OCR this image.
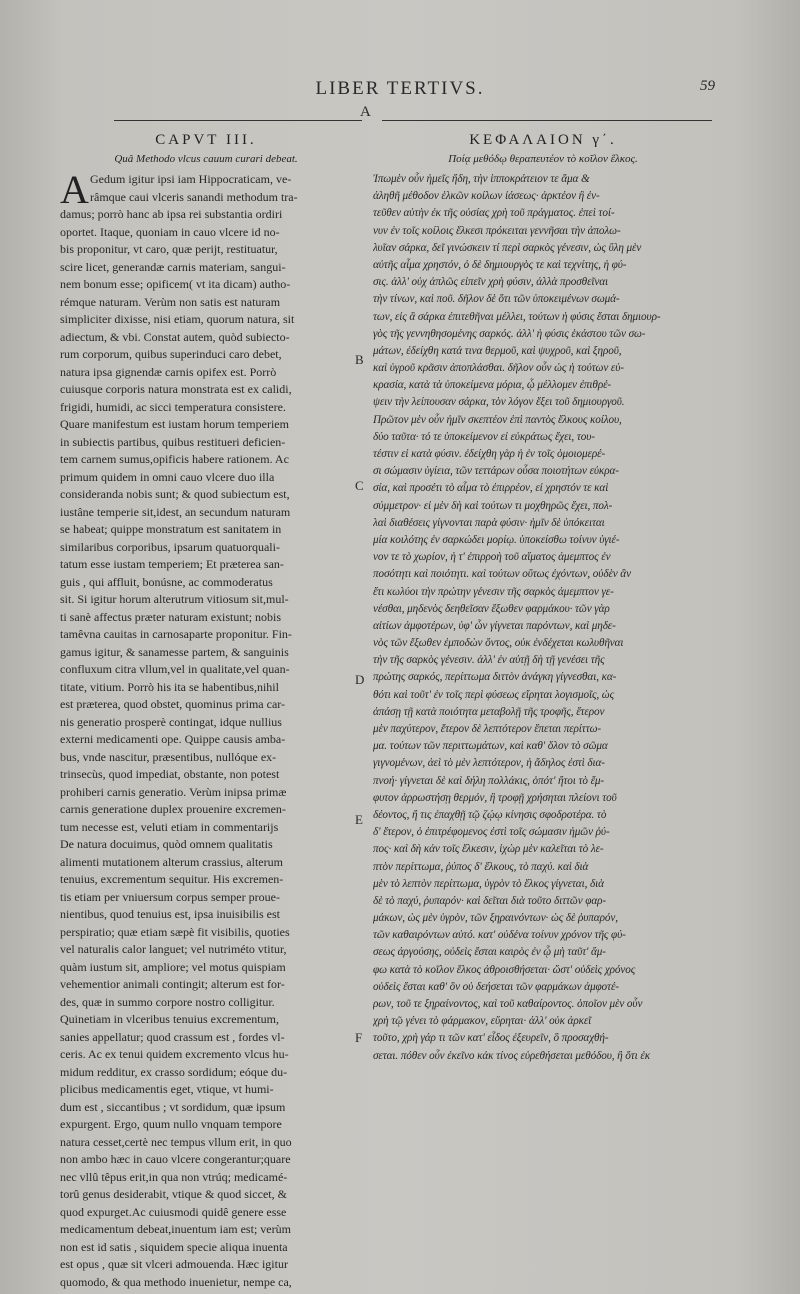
LIBER TERTIVS.	59
A
CAPVT III.
Quâ Methodo vlcus cauum curari debeat.
A Gedum igitur ipsi iam Hippocraticam, ve-
râmque caui vlceris sanandi methodum tra-
damus; porrò hanc ab ipsa rei substantia ordiri
oportet. Itaque, quoniam in cauo vlcere id no-
bis proponitur, vt caro, quæ perijt, restituatur,
scire licet, generandæ carnis materiam, sangui-
nem bonum esse; opificem( vt ita dicam) autho-
rémque naturam. Verùm non satis est naturam
simpliciter dixisse, nisi etiam, quorum natura, sit
adiectum, & vbi. Constat autem, quòd subiecto-
rum corporum, quibus superinduci caro debet,
natura ipsa gignendæ carnis opifex est. Porrò
cuiusque corporis natura monstrata est ex calidi,
frigidi, humidi, ac sicci temperatura consistere.
Quare manifestum est iustam horum temperiem
in subiectis partibus, quibus restitueri deficien-
tem carnem sumus,opificis habere rationem. Ac
primum quidem in omni cauo vlcere duo illa
consideranda nobis sunt; & quod subiectum est,
iustâne temperie sit,idest, an secundum naturam
se habeat; quippe monstratum est sanitatem in
similaribus corporibus, ipsarum quatuorquali-
tatum esse iustam temperiem; Et præterea san-
guis , qui affluit, bonúsne, ac commoderatus
sit. Si igitur horum alterutrum vitiosum sit,mul-
ti sanè affectus præter naturam existunt; nobis
tamêvna cauitas in carnosaparte proponitur. Fin-
gamus igitur, & sanamesse partem, & sanguinis
confluxum citra vllum,vel in qualitate,vel quan-
titate, vitium. Porrò his ita se habentibus,nihil
est præterea, quod obstet, quominus prima car-
nis generatio prosperè contingat, idque nullius
externi medicamenti ope. Quippe causis amba-
bus, vnde nascitur, præsentibus, nullóque ex-
trinsecùs, quod impediat, obstante, non potest
prohiberi carnis generatio. Verùm inipsa primæ
carnis generatione duplex prouenire excremen-
tum necesse est, veluti etiam in commentarijs
De natura docuimus, quòd omnem qualitatis
alimenti mutationem alterum crassius, alterum
tenuius, excrementum sequitur. His excremen-
tis etiam per vniuersum corpus semper proue-
nientibus, quod tenuius est, ipsa inuisibilis est
perspiratio; quæ etiam sæpè fit visibilis, quoties
vel naturalis calor languet; vel nutriméto vtitur,
quàm iustum sit, ampliore; vel motus quispiam
vehementior animali contingit; alterum est for-
des, quæ in summo corpore nostro colligitur.
Quinetiam in vlceribus tenuius excrementum,
sanies appellatur; quod crassum est , fordes vl-
ceris. Ac ex tenui quidem excremento vlcus hu-
midum redditur, ex crasso sordidum; eóque du-
plicibus medicamentis eget, vtique, vt humi-
dum est , siccantibus ; vt sordidum, quæ ipsum
expurgent. Ergo, quum nullo vnquam tempore
natura cesset,certè nec tempus vllum erit, in quo
non ambo hæc in cauo vlcere congerantur;quare
nec vllû têpus erit,in qua non vtrúq; medicamé-
torû genus desiderabit, vtique & quod siccet, &
quod expurget.Ac cuiusmodi quidê genere esse
medicamentum debeat,inuentum iam est; verùm
non est id satis , siquidem specie aliqua inuenta
est opus , quæ sit vlceri admouenda. Hæc igitur
quomodo, & qua methodo inuenietur, nempe ca,
B
C
D
E
F
ΚΕΦΑΛΑΙΟΝ γ΄.
Ποίᾳ μεθόδῳ θεραπευτέον τὸ κοῖλον ἕλκος.
Ἰπωμὲν οὖν ἡμεῖς ἤδη, τὴν ἱπποκράτειον τε ἅμα &
ἀληθῆ μέθοδον ἑλκῶν κοίλων ἰάσεως· ἀρκτέον ἢ ἐν-
τεῦθεν αὐτὴν ἐκ τῆς οὐσίας χρὴ τοῦ πράγματος. ἐπεὶ τοί-
νυν ἐν τοῖς κοίλοις ἕλκεσι πρόκειται γεννῆσαι τὴν ἀπολω-
λυῖαν σάρκα, δεῖ γινώσκειν τί περὶ σαρκὸς γένεσιν, ὡς ὕλη μὲν
αὐτῆς αἷμα χρηστόν, ὁ δὲ δημιουργὸς τε καὶ τεχνίτης, ἡ φύ-
σις. ἀλλ' οὐχ ἁπλῶς εἰπεῖν χρὴ φύσιν, ἀλλὰ προσθεῖναι
τὴν τίνων, καὶ ποῦ. δῆλον δὲ ὅτι τῶν ὑποκειμένων σωμά-
των, εἰς ἃ σάρκα ἐπιτεθῆναι μέλλει, τούτων ἡ φύσις ἔσται δημιουρ-
γὸς τῆς γεννηθησομένης σαρκός. ἀλλ' ἡ φύσις ἑκάστου τῶν σω-
μάτων, ἐδείχθη κατά τινα θερμοῦ, καὶ ψυχροῦ, καὶ ξηροῦ,
καὶ ὑγροῦ κρᾶσιν ἀποπλάσθαι. δῆλον οὖν ὡς ἡ τούτων εὐ-
κρασία, κατὰ τὰ ὑποκείμενα μόρια, ᾧ μέλλομεν ἐπιθρέ-
ψειν τὴν λείπουσαν σάρκα, τὸν λόγον ἕξει τοῦ δημιουργοῦ.
Πρῶτον μὲν οὖν ἡμῖν σκεπτέον ἐπὶ παντὸς ἕλκους κοίλου,
δύο ταῦτα· τό τε ὑποκείμενον εἰ εὐκράτως ἔχει, του-
τέστιν εἰ κατὰ φύσιν. ἐδείχθη γὰρ ἡ ἐν τοῖς ὁμοιομερέ-
σι σώμασιν ὑγίεια, τῶν τεττάρων οὖσα ποιοτήτων εὐκρα-
σία, καὶ προσέτι τὸ αἷμα τὸ ἐπιρρέον, εἰ χρηστόν τε καὶ
σύμμετρον· εἰ μὲν δὴ καὶ τούτων τι μοχθηρῶς ἔχει, πολ-
λαὶ διαθέσεις γίγνονται παρὰ φύσιν· ἡμῖν δὲ ὑπόκειται
μία κοιλότης ἐν σαρκώδει μορίῳ. ὑποκείσθω τοίνυν ὑγιέ-
νον τε τὸ χωρίον, ἡ τ' ἐπιρροὴ τοῦ αἵματος ἀμεμπτος ἐν
ποσότητι καὶ ποιότητι. καὶ τούτων οὕτως ἐχόντων, οὐδὲν ἂν
ἔτι κωλύοι τὴν πρώτην γένεσιν τῆς σαρκὸς ἀμεμπτον γε-
νέσθαι, μηδενὸς δεηθεῖσαν ἔξωθεν φαρμάκου· τῶν γὰρ
αἰτίων ἀμφοτέρων, ὑφ' ὧν γίγνεται παρόντων, καὶ μηδε-
νὸς τῶν ἔξωθεν ἐμποδὼν ὄντος, οὐκ ἐνδέχεται κωλυθῆναι
τὴν τῆς σαρκὸς γένεσιν. ἀλλ' ἐν αὐτῇ δὴ τῇ γενέσει τῆς
πρώτης σαρκός, περίττωμα διττὸν ἀνάγκη γίγνεσθαι, κα-
θότι καὶ τοῦτ' ἐν τοῖς περὶ φύσεως εἴρηται λογισμοῖς, ὡς
ἁπάσῃ τῇ κατὰ ποιότητα μεταβολῇ τῆς τροφῆς, ἕτερον
μὲν παχύτερον, ἕτερον δὲ λεπτότερον ἕπεται περίττω-
μα. τούτων τῶν περιττωμάτων, καὶ καθ' ὅλον τὸ σῶμα
γιγνομένων, ἀεὶ τὸ μὲν λεπτότερον, ἡ ἄδηλος ἐστὶ δια-
πνοή· γίγνεται δὲ καὶ δήλη πολλάκις, ὁπότ' ἤτοι τὸ ἔμ-
φυτον ἀρρωστήσῃ θερμόν, ἢ τροφῇ χρήσηται πλείονι τοῦ
δέοντος, ἤ τις ἐπαχθῇ τῷ ζῴῳ κίνησις σφοδροτέρα. τὸ
δ' ἕτερον, ὁ ἐπιτρέφομενος ἐστὶ τοῖς σώμασιν ἡμῶν ῥύ-
πος· καὶ δὴ κἀν τοῖς ἕλκεσιν, ἰχὼρ μὲν καλεῖται τὸ λε-
πτὸν περίττωμα, ῥύπος δ' ἕλκους, τὸ παχύ. καὶ διὰ
μὲν τὸ λεπτὸν περίττωμα, ὑγρὸν τὸ ἕλκος γίγνεται, διὰ
δὲ τὸ παχύ, ῥυπαρόν· καὶ δεῖται διὰ τοῦτο διττῶν φαρ-
μάκων, ὡς μὲν ὑγρὸν, τῶν ξηραινόντων· ὡς δὲ ῥυπαρόν,
τῶν καθαιρόντων αὐτό. κατ' οὐδένα τοίνυν χρόνον τῆς φύ-
σεως ἀργούσης, οὐδεὶς ἔσται καιρὸς ἐν ᾧ μὴ ταῦτ' ἄμ-
φω κατὰ τὸ κοῖλον ἕλκος ἀθροισθήσεται· ὥστ' οὐδεὶς χρόνος
οὐδεὶς ἔσται καθ' ὃν οὐ δεήσεται τῶν φαρμάκων ἀμφοτέ-
ρων, τοῦ τε ξηραίνοντος, καὶ τοῦ καθαίροντος. ὁποῖον μὲν οὖν
χρὴ τῷ γένει τὸ φάρμακον, εὕρηται· ἀλλ' οὐκ ἀρκεῖ
τοῦτο, χρὴ γάρ τι τῶν κατ' εἶδος ἐξευρεῖν, ὃ προσαχθή-
σεται. πόθεν οὖν ἐκεῖνο κἀκ τίνος εὑρεθήσεται μεθόδου, ἢ ὅτι ἐκ
